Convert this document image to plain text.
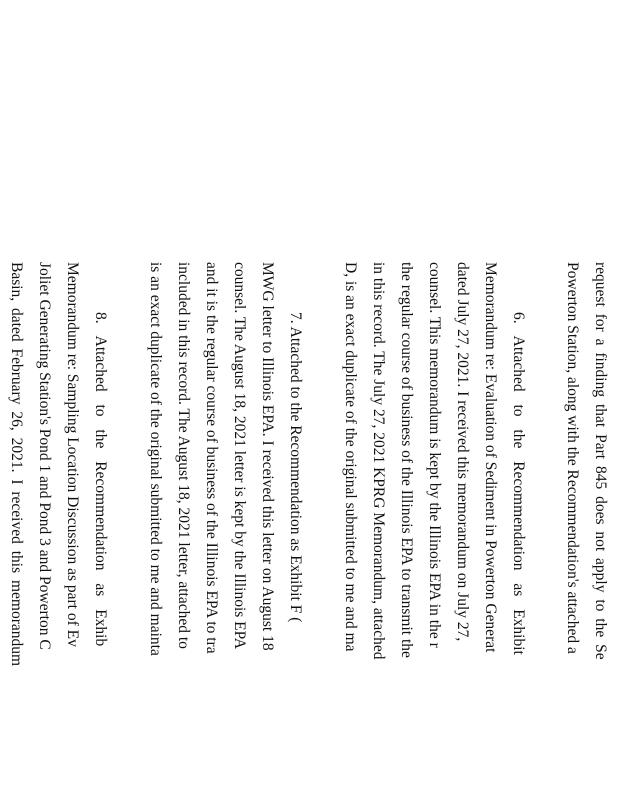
request for a finding that Part 845 does not apply to the Se
Powerton Station, along with the Recommendation's attached a
6. Attached to the Recommendation as Exhibit
Memorandum re: Evaluation of Sediment in Powerton Generat
dated July 27, 2021. I received this memorandum on July 27,
counsel. This memorandum is kept by the Illinois EPA in the r
the regular course of business of the Illinois EPA to transmit the
in this record. The July 27, 2021 KPRG Memorandum, attached
D, is an exact duplicate of the original submitted to me and ma
7. Attached to the Recommendation as Exhibit F (
MWG letter to Illinois EPA. I received this letter on August 18
counsel. The August 18, 2021 letter is kept by the Illinois EPA
and it is the regular course of business of the Illinois EPA to tra
included in this record. The August 18, 2021 letter, attached to
is an exact duplicate of the original submitted to me and mainta
8. Attached to the Recommendation as Exhib
Memorandum re: Sampling Location Discussion as part of Ev
Joliet Generating Station's Pond 1 and Pond 3 and Powerton C
Basin, dated February 26, 2021. I received this memorandum
